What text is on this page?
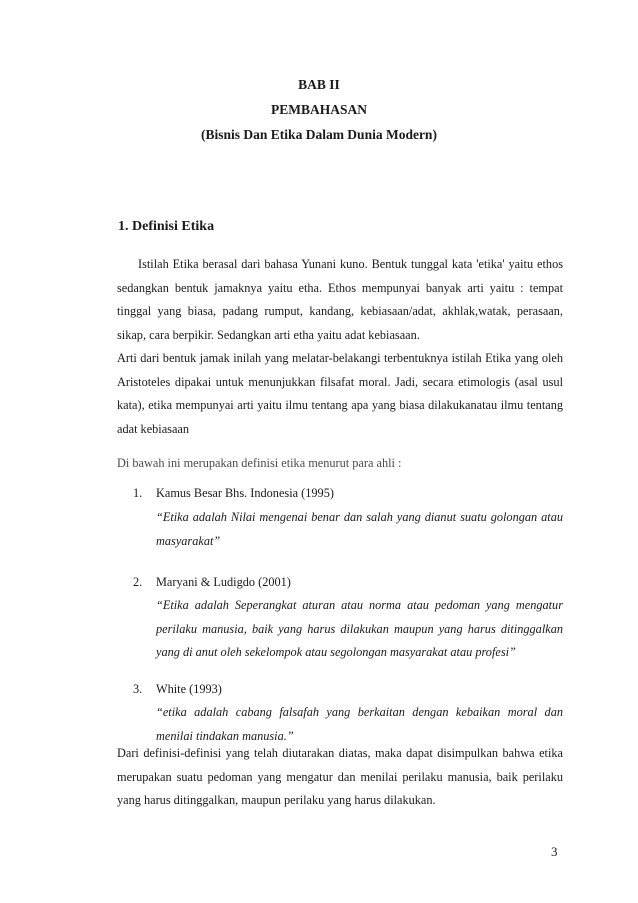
BAB II
PEMBAHASAN
(Bisnis Dan Etika Dalam Dunia Modern)
1. Definisi Etika

Istilah Etika berasal dari bahasa Yunani kuno. Bentuk tunggal kata 'etika' yaitu ethos sedangkan bentuk jamaknya yaitu etha. Ethos mempunyai banyak arti yaitu : tempat tinggal yang biasa, padang rumput, kandang, kebiasaan/adat, akhlak,watak, perasaan, sikap, cara berpikir. Sedangkan arti etha yaitu adat kebiasaan.

Arti dari bentuk jamak inilah yang melatar-belakangi terbentuknya istilah Etika yang oleh Aristoteles dipakai untuk menunjukkan filsafat moral. Jadi, secara etimologis (asal usul kata), etika mempunyai arti yaitu ilmu tentang apa yang biasa dilakukanatau ilmu tentang adat kebiasaan

Di bawah ini merupakan definisi etika menurut para ahli :

1. Kamus Besar Bhs. Indonesia (1995)

“Etika adalah Nilai mengenai benar dan salah yang dianut suatu golongan atau masyarakat”

2. Maryani & Ludigdo (2001)

“Etika adalah Seperangkat aturan atau norma atau pedoman yang mengatur perilaku manusia, baik yang harus dilakukan maupun yang harus ditinggalkan yang di anut oleh sekelompok atau segolongan masyarakat atau profesi”

3. White (1993)

“etika adalah cabang falsafah yang berkaitan dengan kebaikan moral dan menilai tindakan manusia.”

Dari definisi-definisi yang telah diutarakan diatas, maka dapat disimpulkan bahwa etika merupakan suatu pedoman yang mengatur dan menilai perilaku manusia, baik perilaku yang harus ditinggalkan, maupun perilaku yang harus dilakukan.

3
